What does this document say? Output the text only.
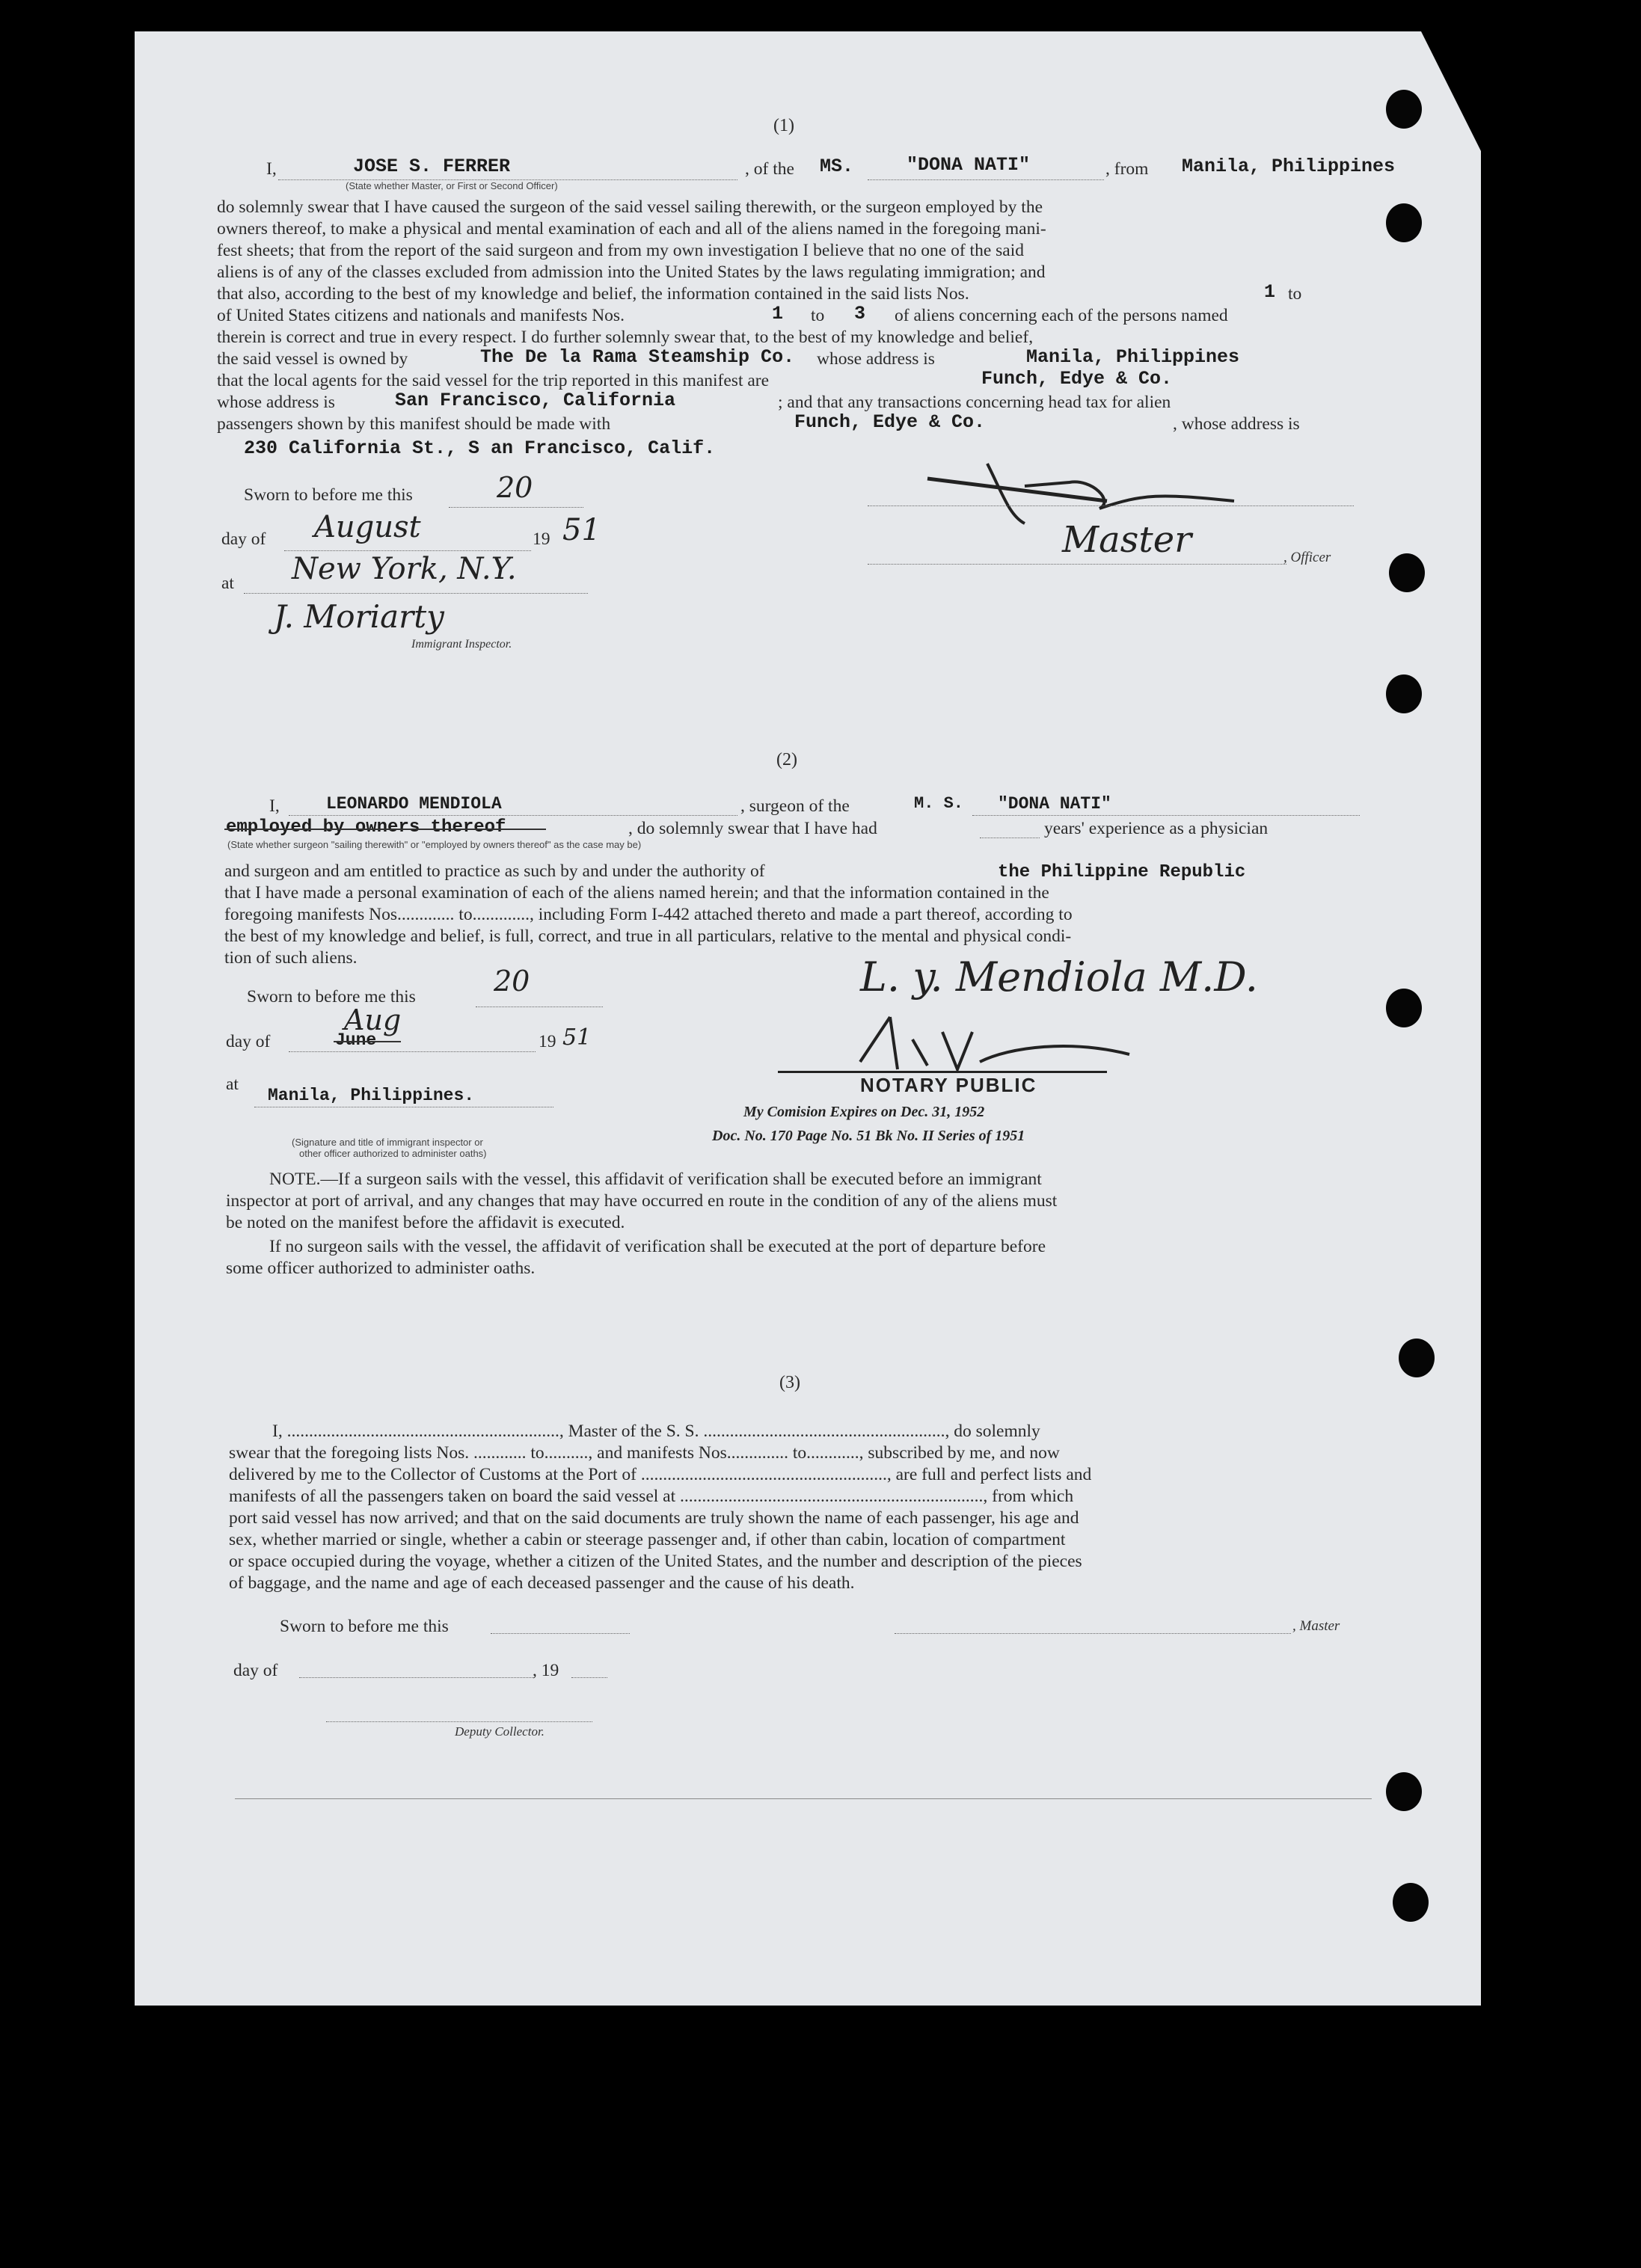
(1)
I,	JOSE S. FERRER	, of the MS.	"DONA NATI"	, from Manila, Philippines
(State whether Master, or First or Second Officer)
do solemnly swear that I have caused the surgeon of the said vessel sailing therewith, or the surgeon employed by the
owners thereof, to make a physical and mental examination of each and all of the aliens named in the foregoing mani-
fest sheets; that from the report of the said surgeon and from my own investigation I believe that no one of the said
aliens is of any of the classes excluded from admission into the United States by the laws regulating immigration; and
that also, according to the best of my knowledge and belief, the information contained in the said lists Nos.	1 to
of United States citizens and nationals and manifests Nos.	1 to 3 of aliens concerning each of the persons named
therein is correct and true in every respect. I do further solemnly swear that, to the best of my knowledge and belief,
the said vessel is owned by	The De la Rama Steamship Co. whose address is	Manila, Philippines
that the local agents for the said vessel for the trip reported in this manifest are	Funch, Edye & Co.
whose address is	San Francisco, California	; and that any transactions concerning head tax for alien
passengers shown by this manifest should be made with	Funch, Edye & Co.	, whose address is
230 California St., S an Francisco, Calif.
Sworn to before me this	20
day of August	19 51
at New York, N.Y.
J. Moriarty
Immigrant Inspector.
Master	, Officer
(2)
I,	LEONARDO MENDIOLA	, surgeon of the	M. S. "DONA NATI"
employed by owners thereof	, do solemnly swear that I have had	years' experience as a physician
(State whether surgeon "sailing therewith" or "employed by owners thereof" as the case may be)
and surgeon and am entitled to practice as such by and under the authority of	the Philippine Republic
that I have made a personal examination of each of the aliens named herein; and that the information contained in the
foregoing manifests Nos............. to............., including Form I-442 attached thereto and made a part thereof, according to
the best of my knowledge and belief, is full, correct, and true in all particulars, relative to the mental and physical condi-
tion of such aliens.	L. y. Mendiola M.D.
Sworn to before me this	20
day of	June
Aug
19 51
at
Manila, Philippines.
(Signature and title of immigrant inspector or
other officer authorized to administer oaths)
NOTARY PUBLIC
My Comision Expires on Dec. 31, 1952
Doc. No. 170 Page No. 51 Bk No. II Series of 1951
NOTE.—If a surgeon sails with the vessel, this affidavit of verification shall be executed before an immigrant
inspector at port of arrival, and any changes that may have occurred en route in the condition of any of the aliens must
be noted on the manifest before the affidavit is executed.
If no surgeon sails with the vessel, the affidavit of verification shall be executed at the port of departure before
some officer authorized to administer oaths.
(3)
I, .............................................................., Master of the S. S. ......................................................., do solemnly
swear that the foregoing lists Nos. ............ to.........., and manifests Nos.............. to............, subscribed by me, and now
delivered by me to the Collector of Customs at the Port of ........................................................, are full and perfect lists and
manifests of all the passengers taken on board the said vessel at ....................................................................., from which
port said vessel has now arrived; and that on the said documents are truly shown the name of each passenger, his age and
sex, whether married or single, whether a cabin or steerage passenger and, if other than cabin, location of compartment
or space occupied during the voyage, whether a citizen of the United States, and the number and description of the pieces
of baggage, and the name and age of each deceased passenger and the cause of his death.
Sworn to before me this	, Master
day of	, 19
Deputy Collector.
